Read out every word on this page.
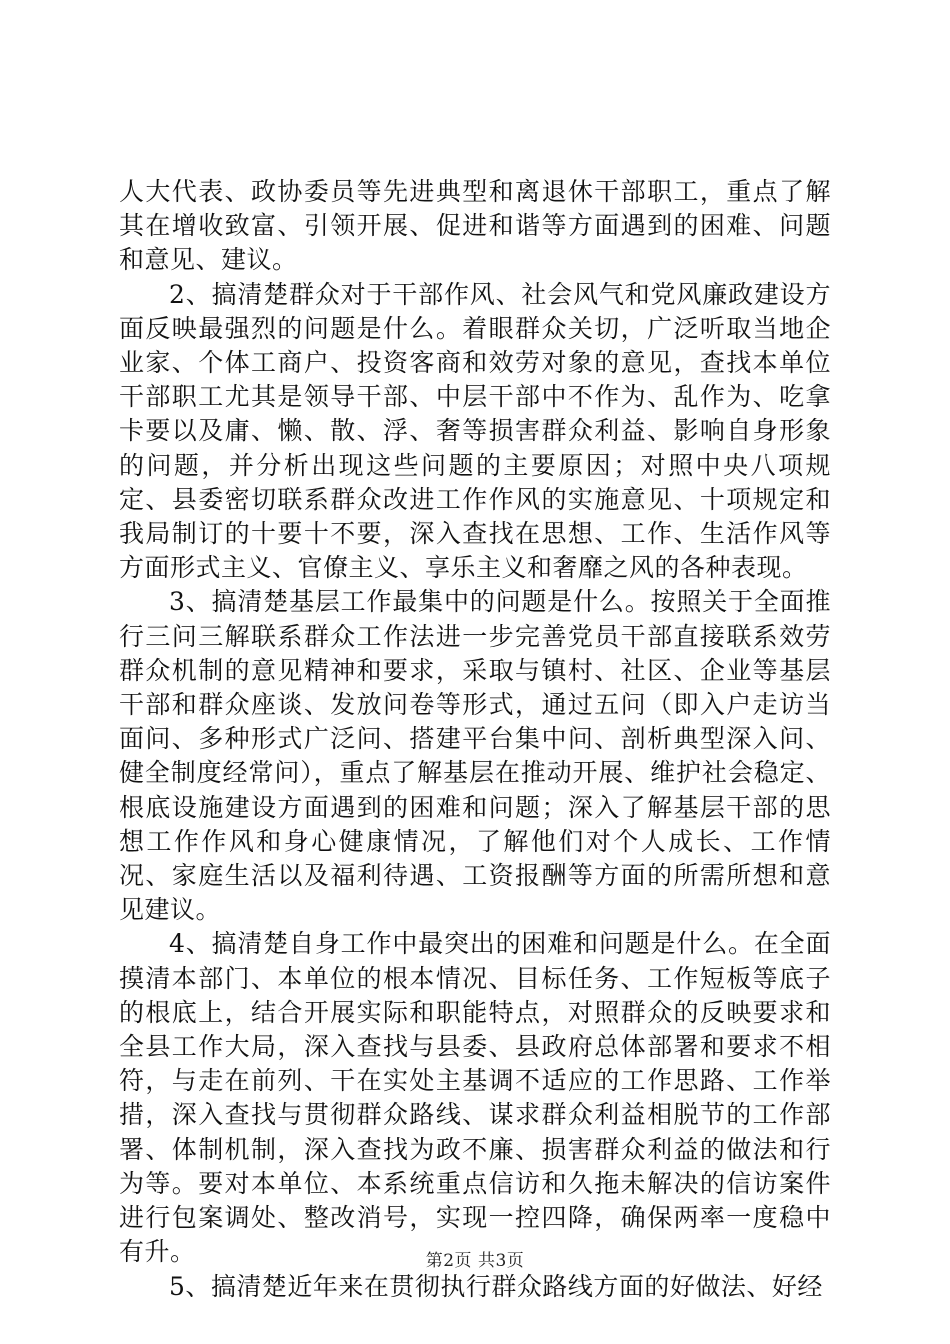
人大代表、政协委员等先进典型和离退休干部职工，重点了解其在增收致富、引领开展、促进和谐等方面遇到的困难、问题和意见、建议。

2、搞清楚群众对于干部作风、社会风气和党风廉政建设方面反映最强烈的问题是什么。着眼群众关切，广泛听取当地企业家、个体工商户、投资客商和效劳对象的意见，查找本单位干部职工尤其是领导干部、中层干部中不作为、乱作为、吃拿卡要以及庸、懒、散、浮、奢等损害群众利益、影响自身形象的问题，并分析出现这些问题的主要原因；对照中央八项规定、县委密切联系群众改进工作作风的实施意见、十项规定和我局制订的十要十不要，深入查找在思想、工作、生活作风等方面形式主义、官僚主义、享乐主义和奢靡之风的各种表现。

3、搞清楚基层工作最集中的问题是什么。按照关于全面推行三问三解联系群众工作法进一步完善党员干部直接联系效劳群众机制的意见精神和要求，采取与镇村、社区、企业等基层干部和群众座谈、发放问卷等形式，通过五问（即入户走访当面问、多种形式广泛问、搭建平台集中问、剖析典型深入问、健全制度经常问），重点了解基层在推动开展、维护社会稳定、根底设施建设方面遇到的困难和问题；深入了解基层干部的思想工作作风和身心健康情况，了解他们对个人成长、工作情况、家庭生活以及福利待遇、工资报酬等方面的所需所想和意见建议。

4、搞清楚自身工作中最突出的困难和问题是什么。在全面摸清本部门、本单位的根本情况、目标任务、工作短板等底子的根底上，结合开展实际和职能特点，对照群众的反映要求和全县工作大局，深入查找与县委、县政府总体部署和要求不相符，与走在前列、干在实处主基调不适应的工作思路、工作举措，深入查找与贯彻群众路线、谋求群众利益相脱节的工作部署、体制机制，深入查找为政不廉、损害群众利益的做法和行为等。要对本单位、本系统重点信访和久拖未解决的信访案件进行包案调处、整改消号，实现一控四降，确保两率一度稳中有升。

5、搞清楚近年来在贯彻执行群众路线方面的好做法、好经

第2页 共3页
